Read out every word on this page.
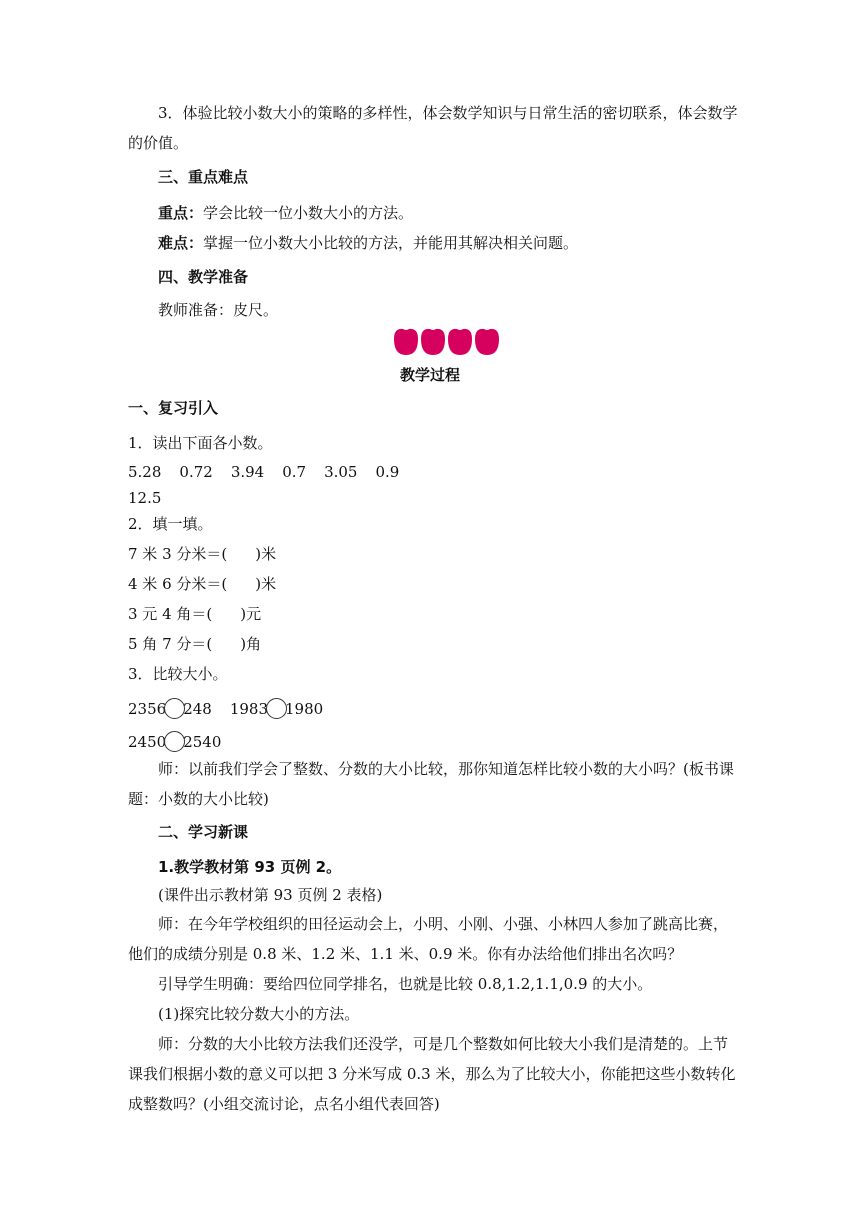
3．体验比较小数大小的策略的多样性，体会数学知识与日常生活的密切联系，体会数学
的价值。
三、重点难点
重点：学会比较一位小数大小的方法。
难点：掌握一位小数大小比较的方法，并能用其解决相关问题。
四、教学准备
教师准备：皮尺。
教学过程
一、复习引入
1．读出下面各小数。
5.28 0.72 3.94 0.7 3.05 0.9
12.5
2．填一填。
7 米 3 分米＝( )米
4 米 6 分米＝( )米
3 元 4 角＝( )元
5 角 7 分＝( )角
3．比较大小。
2356 248 1983 1980
2450 2540
师：以前我们学会了整数、分数的大小比较，那你知道怎样比较小数的大小吗？(板书课
题：小数的大小比较)
二、学习新课
1.教学教材第 93 页例 2。
(课件出示教材第 93 页例 2 表格)
师：在今年学校组织的田径运动会上，小明、小刚、小强、小林四人参加了跳高比赛，
他们的成绩分别是 0.8 米、1.2 米、1.1 米、0.9 米。你有办法给他们排出名次吗？
引导学生明确：要给四位同学排名，也就是比较 0.8,1.2,1.1,0.9 的大小。
(1)探究比较分数大小的方法。
师：分数的大小比较方法我们还没学，可是几个整数如何比较大小我们是清楚的。上节
课我们根据小数的意义可以把 3 分米写成 0.3 米，那么为了比较大小，你能把这些小数转化
成整数吗？(小组交流讨论，点名小组代表回答)
